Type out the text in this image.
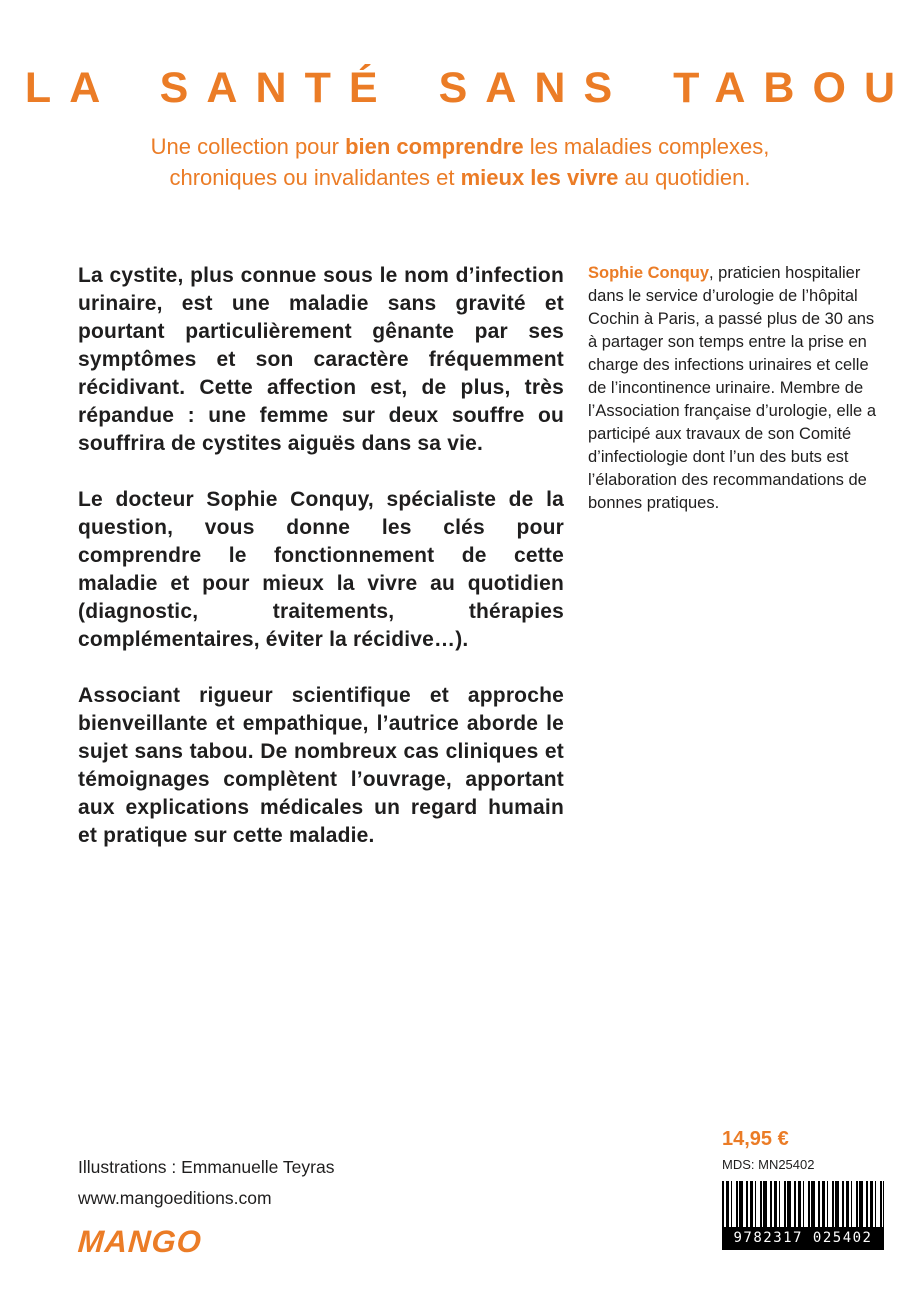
LA SANTÉ SANS TABOU
Une collection pour bien comprendre les maladies complexes,
chroniques ou invalidantes et mieux les vivre au quotidien.

La cystite, plus connue sous le nom d’infection urinaire, est une maladie sans gravité et pourtant particulièrement gênante par ses symptômes et son caractère fréquemment récidivant. Cette affection est, de plus, très répandue : une femme sur deux souffre ou souffrira de cystites aiguës dans sa vie.

Le docteur Sophie Conquy, spécialiste de la question, vous donne les clés pour comprendre le fonctionnement de cette maladie et pour mieux la vivre au quotidien (diagnostic, traitements, thérapies complémentaires, éviter la récidive…).

Associant rigueur scientifique et approche bienveillante et empathique, l’autrice aborde le sujet sans tabou. De nombreux cas cliniques et témoignages complètent l’ouvrage, apportant aux explications médicales un regard humain et pratique sur cette maladie.

Sophie Conquy, praticien hospitalier dans le service d’urologie de l’hôpital Cochin à Paris, a passé plus de 30 ans à partager son temps entre la prise en charge des infections urinaires et celle de l’incontinence urinaire. Membre de l’Association française d’urologie, elle a participé aux travaux de son Comité d’infectiologie dont l’un des buts est l’élaboration des recommandations de bonnes pratiques.
Illustrations : Emmanuelle Teyras
www.mangoeditions.com
MANGO
14,95 €
MDS: MN25402
9782317 025402
